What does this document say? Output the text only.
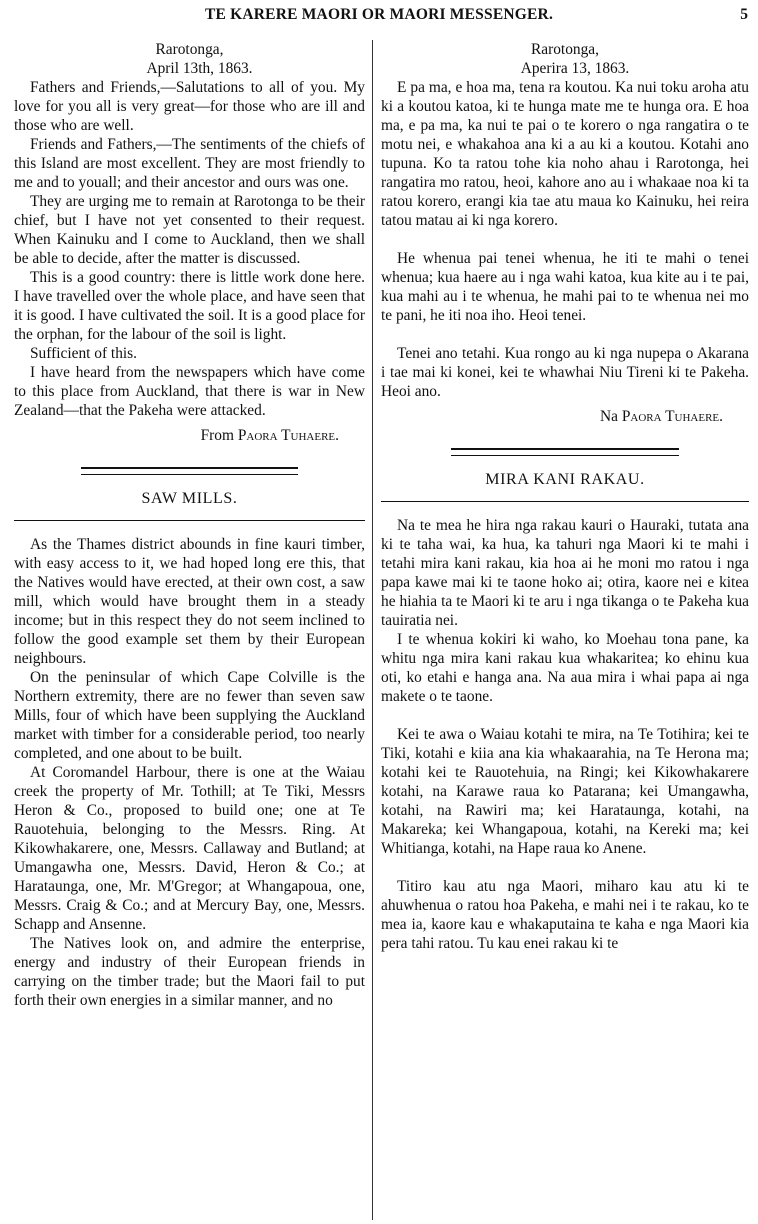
TE KARERE MAORI OR MAORI MESSENGER.	5
Rarotonga,
April 13th, 1863.

Fathers and Friends,—Salutations to all of you. My love for you all is very great—for those who are ill and those who are well.

Friends and Fathers,—The sentiments of the chiefs of this Island are most excellent. They are most friendly to me and to youall; and their ancestor and ours was one.

They are urging me to remain at Rarotonga to be their chief, but I have not yet consented to their request. When Kainuku and I come to Auckland, then we shall be able to decide, after the matter is discussed.

This is a good country: there is little work done here. I have travelled over the whole place, and have seen that it is good. I have cultivated the soil. It is a good place for the orphan, for the labour of the soil is light.

Sufficient of this.

I have heard from the newspapers which have come to this place from Auckland, that there is war in New Zealand—that the Pakeha were attacked.

From Paora Tuhaere.
SAW MILLS.

As the Thames district abounds in fine kauri timber, with easy access to it, we had hoped long ere this, that the Natives would have erected, at their own cost, a saw mill, which would have brought them in a steady income; but in this respect they do not seem inclined to follow the good example set them by their European neighbours.

On the peninsular of which Cape Colville is the Northern extremity, there are no fewer than seven saw Mills, four of which have been supplying the Auckland market with timber for a considerable period, too nearly completed, and one about to be built.

At Coromandel Harbour, there is one at the Waiau creek the property of Mr. Tothill; at Te Tiki, Messrs Heron & Co., proposed to build one; one at Te Rauotehuia, belonging to the Messrs. Ring. At Kikowhakarere, one, Messrs. Callaway and Butland; at Umangawha one, Messrs. David, Heron & Co.; at Harataunga, one, Mr. M'Gregor; at Whangapoua, one, Messrs. Craig & Co.; and at Mercury Bay, one, Messrs. Schapp and Ansenne.

The Natives look on, and admire the enterprise, energy and industry of their European friends in carrying on the timber trade; but the Maori fail to put forth their own energies in a similar manner, and no

Rarotonga,
Aperira 13, 1863.

E pa ma, e hoa ma, tena ra koutou. Ka nui toku aroha atu ki a koutou katoa, ki te hunga mate me te hunga ora. E hoa ma, e pa ma, ka nui te pai o te korero o nga rangatira o te motu nei, e whakahoa ana ki a au ki a koutou. Kotahi ano tupuna. Ko ta ratou tohe kia noho ahau i Rarotonga, hei rangatira mo ratou, heoi, kahore ano au i whakaae noa ki ta ratou korero, erangi kia tae atu maua ko Kainuku, hei reira tatou matau ai ki nga korero.

He whenua pai tenei whenua, he iti te mahi o tenei whenua; kua haere au i nga wahi katoa, kua kite au i te pai, kua mahi au i te whenua, he mahi pai to te whenua nei mo te pani, he iti noa iho. Heoi tenei.

Tenei ano tetahi. Kua rongo au ki nga nupepa o Akarana i tae mai ki konei, kei te whawhai Niu Tireni ki te Pakeha. Heoi ano.

Na Paora Tuhaere.
MIRA KANI RAKAU.

Na te mea he hira nga rakau kauri o Hauraki, tutata ana ki te taha wai, ka hua, ka tahuri nga Maori ki te mahi i tetahi mira kani rakau, kia hoa ai he moni mo ratou i nga papa kawe mai ki te taone hoko ai; otira, kaore nei e kitea he hiahia ta te Maori ki te aru i nga tikanga o te Pakeha kua tauiratia nei.

I te whenua kokiri ki waho, ko Moehau tona pane, ka whitu nga mira kani rakau kua whakaritea; ko ehinu kua oti, ko etahi e hanga ana. Na aua mira i whai papa ai nga makete o te taone.

Kei te awa o Waiau kotahi te mira, na Te Totihira; kei te Tiki, kotahi e kiia ana kia whakaarahia, na Te Herona ma; kotahi kei te Rauotehuia, na Ringi; kei Kikowhakarere kotahi, na Karawe raua ko Patarana; kei Umangawha, kotahi, na Rawiri ma; kei Harataunga, kotahi, na Makareka; kei Whangapoua, kotahi, na Kereki ma; kei Whitianga, kotahi, na Hape raua ko Anene.

Titiro kau atu nga Maori, miharo kau atu ki te ahuwhenua o ratou hoa Pakeha, e mahi nei i te rakau, ko te mea ia, kaore kau e whakaputaina te kaha e nga Maori kia pera tahi ratou. Tu kau enei rakau ki te
